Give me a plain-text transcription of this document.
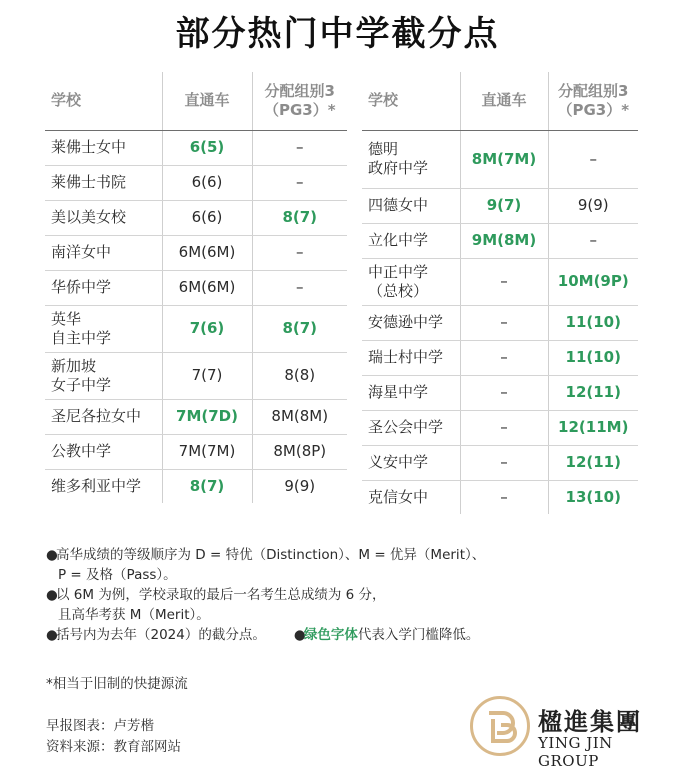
部分热门中学截分点
学校	直通车	分配组别3
（PG3）*

莱佛士女中	6(5)	–

莱佛士书院	6(6)	–

美以美女校	6(6)	8(7)

南洋女中	6M(6M)	–

华侨中学	6M(6M)	–

英华
自主中学	7(6)	8(7)

新加坡
女子中学	7(7)	8(8)

圣尼各拉女中	7M(7D)	8M(8M)

公教中学	7M(7M)	8M(8P)

维多利亚中学	8(7)	9(9)
学校	直通车	分配组别3
（PG3）*

德明
政府中学	8M(7M)	–

四德女中	9(7)	9(9)

立化中学	9M(8M)	–

中正中学
（总校）	–	10M(9P)

安德逊中学	–	11(10)

瑞士村中学	–	11(10)

海星中学	–	12(11)

圣公会中学	–	12(11M)

义安中学	–	12(11)

克信女中	–	13(10)

●高华成绩的等级顺序为 D = 特优（Distinction）、M = 优异（Merit）、

P = 及格（Pass）。

●以 6M 为例，学校录取的最后一名考生总成绩为 6 分，

且高华考获 M（Merit）。

●括号内为去年（2024）的截分点。 ●绿色字体代表入学门槛降低。

*相当于旧制的快捷源流
早报图表：卢芳楷
资料来源：教育部网站
楹進集團
YING JIN GROUP
